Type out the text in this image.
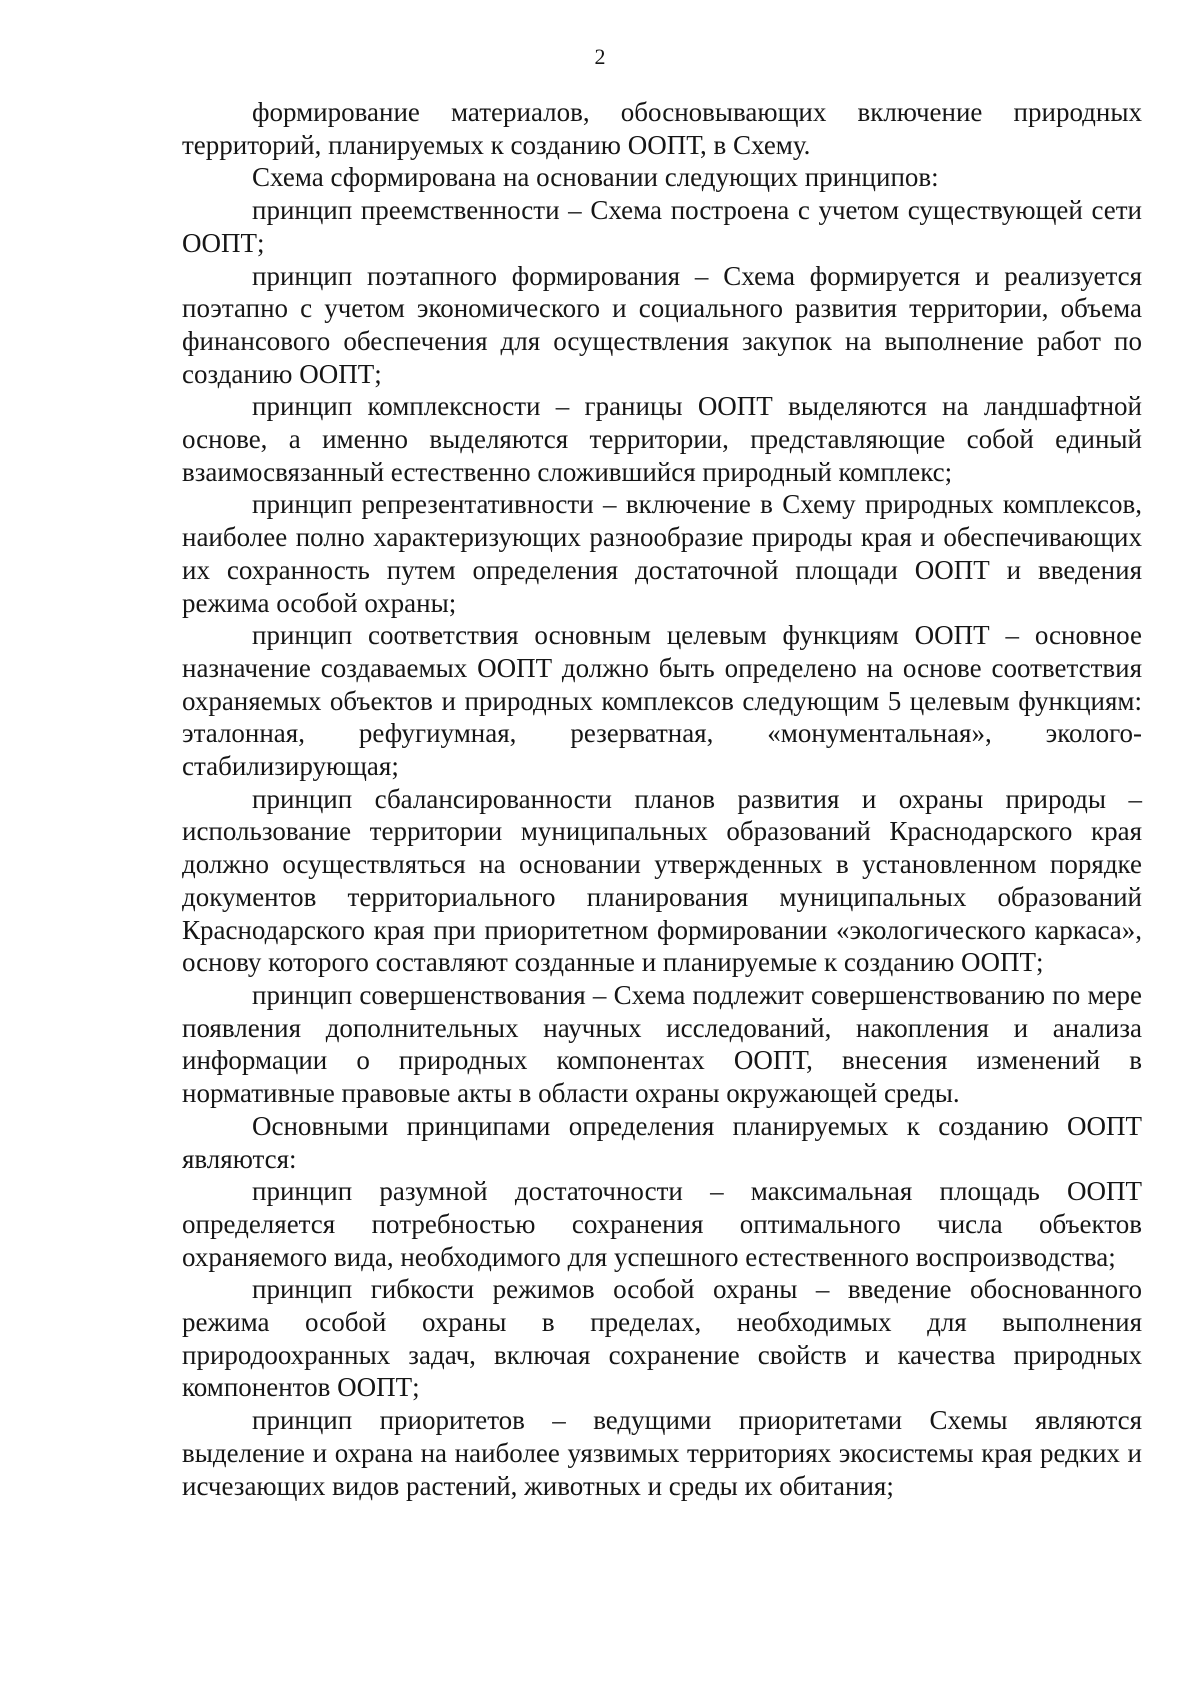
2

формирование материалов, обосновывающих включение природных территорий, планируемых к созданию ООПТ, в Схему.

Схема сформирована на основании следующих принципов:

принцип преемственности – Схема построена с учетом существующей сети ООПТ;

принцип поэтапного формирования – Схема формируется и реализуется поэтапно с учетом экономического и социального развития территории, объема финансового обеспечения для осуществления закупок на выполнение работ по созданию ООПТ;

принцип комплексности – границы ООПТ выделяются на ландшафтной основе, а именно выделяются территории, представляющие собой единый взаимосвязанный естественно сложившийся природный комплекс;

принцип репрезентативности – включение в Схему природных комплексов, наиболее полно характеризующих разнообразие природы края и обеспечивающих их сохранность путем определения достаточной площади ООПТ и введения режима особой охраны;

принцип соответствия основным целевым функциям ООПТ – основное назначение создаваемых ООПТ должно быть определено на основе соответствия охраняемых объектов и природных комплексов следующим 5 целевым функциям: эталонная, рефугиумная, резерватная, «монументальная», эколого-стабилизирующая;

принцип сбалансированности планов развития и охраны природы – использование территории муниципальных образований Краснодарского края должно осуществляться на основании утвержденных в установленном порядке документов территориального планирования муниципальных образований Краснодарского края при приоритетном формировании «экологического каркаса», основу которого составляют созданные и планируемые к созданию ООПТ;

принцип совершенствования – Схема подлежит совершенствованию по мере появления дополнительных научных исследований, накопления и анализа информации о природных компонентах ООПТ, внесения изменений в нормативные правовые акты в области охраны окружающей среды.

Основными принципами определения планируемых к созданию ООПТ являются:

принцип разумной достаточности – максимальная площадь ООПТ определяется потребностью сохранения оптимального числа объектов охраняемого вида, необходимого для успешного естественного воспроизводства;

принцип гибкости режимов особой охраны – введение обоснованного режима особой охраны в пределах, необходимых для выполнения природоохранных задач, включая сохранение свойств и качества природных компонентов ООПТ;

принцип приоритетов – ведущими приоритетами Схемы являются выделение и охрана на наиболее уязвимых территориях экосистемы края редких и исчезающих видов растений, животных и среды их обитания;
